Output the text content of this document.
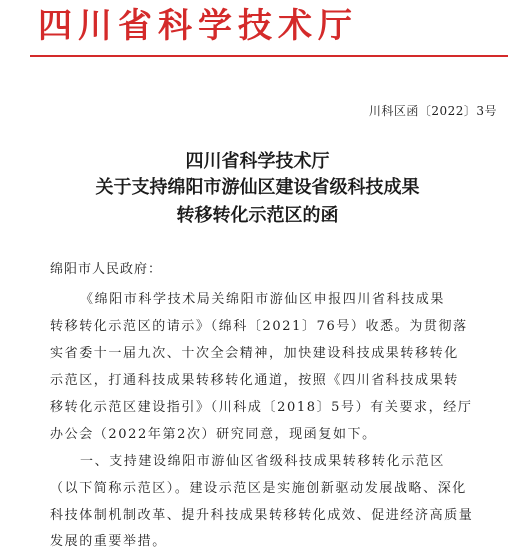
四川省科学技术厅
川科区函〔2022〕3号
四川省科学技术厅
关于支持绵阳市游仙区建设省级科技成果
转移转化示范区的函
绵阳市人民政府：
《绵阳市科学技术局关绵阳市游仙区申报四川省科技成果
转移转化示范区的请示》（绵科〔2021〕76号）收悉。为贯彻落
实省委十一届九次、十次全会精神，加快建设科技成果转移转化
示范区，打通科技成果转移转化通道，按照《四川省科技成果转
移转化示范区建设指引》（川科成〔2018〕5号）有关要求，经厅
办公会（2022年第2次）研究同意，现函复如下。
一、支持建设绵阳市游仙区省级科技成果转移转化示范区
（以下简称示范区）。建设示范区是实施创新驱动发展战略、深化
科技体制机制改革、提升科技成果转移转化成效、促进经济高质量
发展的重要举措。
